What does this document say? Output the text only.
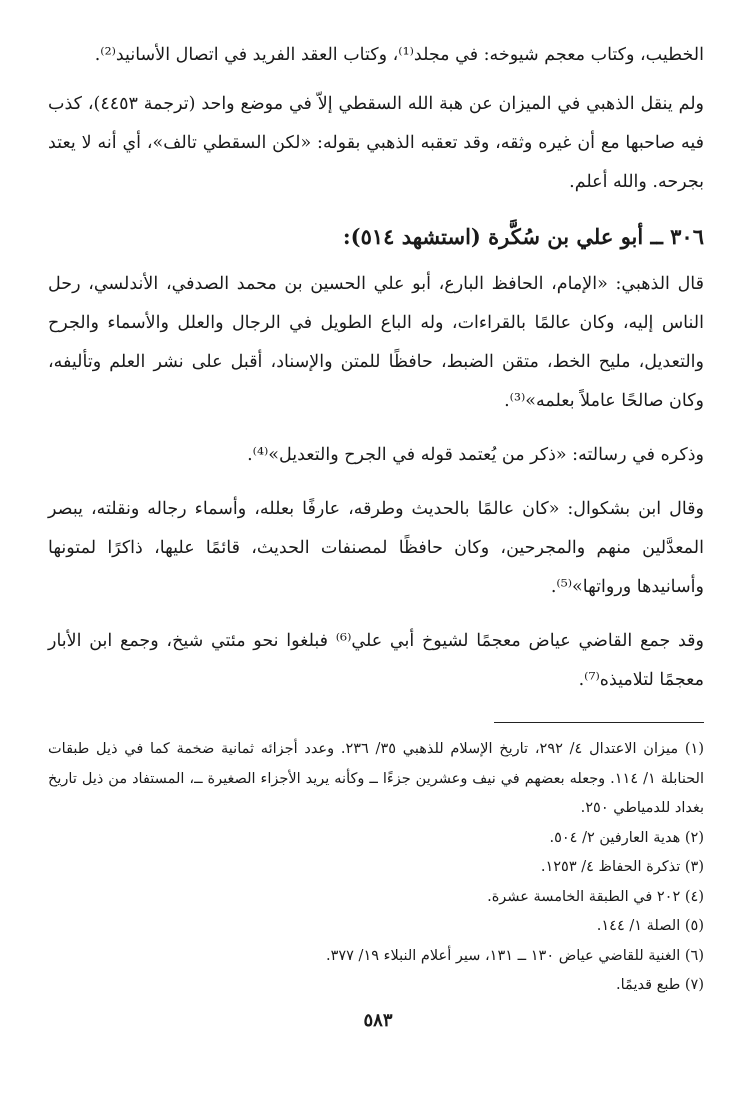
الخطيب، وكتاب معجم شيوخه: في مجلد⁽¹⁾، وكتاب العقد الفريد في اتصال الأسانيد⁽²⁾.

ولم ينقل الذهبي في الميزان عن هبة الله السقطي إلاّ في موضع واحد (ترجمة ٤٤٥٣)، كذب فيه صاحبها مع أن غيره وثقه، وقد تعقبه الذهبي بقوله: «لكن السقطي تالف»، أي أنه لا يعتد بجرحه. والله أعلم.

٣٠٦ ــ أبو علي بن سُكَّرة (استشهد ٥١٤):

قال الذهبي: «الإمام، الحافظ البارع، أبو علي الحسين بن محمد الصدفي، الأندلسي، رحل الناس إليه، وكان عالمًا بالقراءات، وله الباع الطويل في الرجال والعلل والأسماء والجرح والتعديل، مليح الخط، متقن الضبط، حافظًا للمتن والإسناد، أقبل على نشر العلم وتأليفه، وكان صالحًا عاملاً بعلمه»⁽³⁾.

وذكره في رسالته: «ذكر من يُعتمد قوله في الجرح والتعديل»⁽⁴⁾.

وقال ابن بشكوال: «كان عالمًا بالحديث وطرقه، عارفًا بعلله، وأسماء رجاله ونقلته، يبصر المعدَّلين منهم والمجرحين، وكان حافظًا لمصنفات الحديث، قائمًا عليها، ذاكرًا لمتونها وأسانيدها ورواتها»⁽⁵⁾.

وقد جمع القاضي عياض معجمًا لشيوخ أبي علي⁽⁶⁾ فبلغوا نحو مئتي شيخ، وجمع ابن الأبار معجمًا لتلاميذه⁽⁷⁾.

(١) ميزان الاعتدال ٤/ ٢٩٢، تاريخ الإسلام للذهبي ٣٥/ ٢٣٦. وعدد أجزائه ثمانية ضخمة كما في ذيل طبقات الحنابلة ١/ ١١٤. وجعله بعضهم في نيف وعشرين جزءًا ــ وكأنه يريد الأجزاء الصغيرة ــ، المستفاد من ذيل تاريخ بغداد للدمياطي ٢٥٠.

(٢) هدية العارفين ٢/ ٥٠٤.

(٣) تذكرة الحفاظ ٤/ ١٢٥٣.

(٤) ٢٠٢ في الطبقة الخامسة عشرة.

(٥) الصلة ١/ ١٤٤.

(٦) الغنية للقاضي عياض ١٣٠ ــ ١٣١، سير أعلام النبلاء ١٩/ ٣٧٧.

(٧) طبع قديمًا.

٥٨٣
